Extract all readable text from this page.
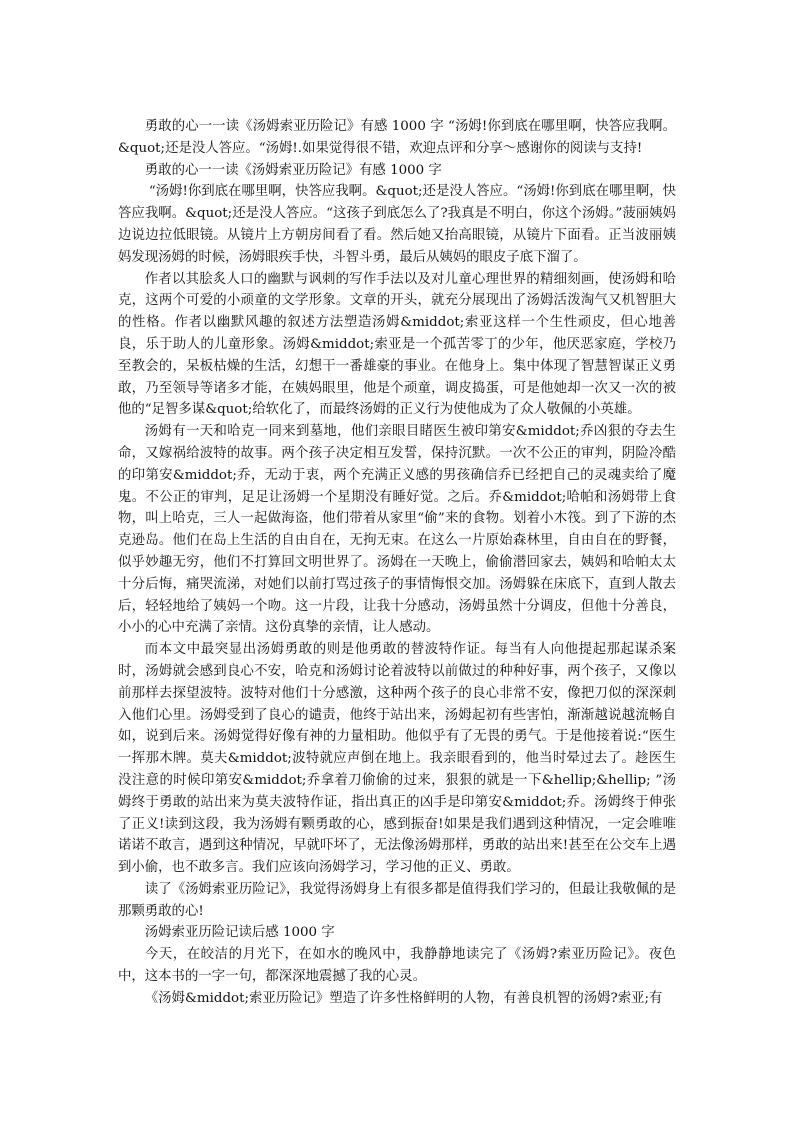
勇敢的心一一读《汤姆索亚历险记》有感 1000 字 “汤姆!你到底在哪里啊，快答应我啊。&quot;还是没人答应。“汤姆!.如果觉得很不错，欢迎点评和分享～感谢你的阅读与支持!

勇敢的心一一读《汤姆索亚历险记》有感 1000 字

“汤姆!你到底在哪里啊，快答应我啊。&quot;还是没人答应。“汤姆!你到底在哪里啊，快答应我啊。&quot;还是没人答应。“这孩子到底怎么了?我真是不明白，你这个汤姆。”菠丽姨妈边说边拉低眼镜。从镜片上方朝房间看了看。然后她又抬高眼镜，从镜片下面看。正当波丽姨妈发现汤姆的时候，汤姆眼疾手快，斗智斗勇，最后从姨妈的眼皮子底下溜了。

作者以其脍炙人口的幽默与讽刺的写作手法以及对儿童心理世界的精细刻画，使汤姆和哈克，这两个可爱的小顽童的文学形象。文章的开头，就充分展现出了汤姆活泼淘气又机智胆大的性格。作者以幽默风趣的叙述方法塑造汤姆&middot;索亚这样一个生性顽皮，但心地善良，乐于助人的儿童形象。汤姆&middot;索亚是一个孤苦零丁的少年，他厌恶家庭，学校乃至教会的，呆板枯燥的生活，幻想干一番雄豪的事业。在他身上。集中体现了智慧智谋正义勇敢，乃至领导等诸多才能，在姨妈眼里，他是个顽童，调皮捣蛋，可是他她却一次又一次的被他的“足智多谋&quot;给软化了，而最终汤姆的正义行为使他成为了众人敬佩的小英雄。

汤姆有一天和哈克一同来到墓地，他们亲眼目睹医生被印第安&middot;乔凶狠的夺去生命，又嫁祸给波特的故事。两个孩子决定相互发誓，保持沉默。一次不公正的审判，阴险冷酷的印第安&middot;乔，无动于衷，两个充满正义感的男孩确信乔已经把自己的灵魂卖给了魔鬼。不公正的审判，足足让汤姆一个星期没有睡好觉。之后。乔&middot;哈帕和汤姆带上食物，叫上哈克，三人一起做海盗，他们带着从家里“偷”来的食物。划着小木筏。到了下游的杰克逊岛。他们在岛上生活的自由自在，无拘无束。在这么一片原始森林里，自由自在的野餐，似乎妙趣无穷，他们不打算回文明世界了。汤姆在一天晚上，偷偷潜回家去，姨妈和哈帕太太十分后悔，痛哭流涕，对她们以前打骂过孩子的事情悔恨交加。汤姆躲在床底下，直到人散去后，轻轻地给了姨妈一个吻。这一片段，让我十分感动，汤姆虽然十分调皮，但他十分善良，小小的心中充满了亲情。这份真挚的亲情，让人感动。

而本文中最突显出汤姆勇敢的则是他勇敢的替波特作证。每当有人向他提起那起谋杀案时，汤姆就会感到良心不安，哈克和汤姆讨论着波特以前做过的种种好事，两个孩子，又像以前那样去探望波特。波特对他们十分感激，这种两个孩子的良心非常不安，像把刀似的深深刺入他们心里。汤姆受到了良心的谴责，他终于站出来，汤姆起初有些害怕，渐渐越说越流畅自如，说到后来。汤姆觉得好像有神的力量相助。他似乎有了无畏的勇气。于是他接着说:“医生一挥那木牌。莫夫&middot;波特就应声倒在地上。我亲眼看到的，他当时晕过去了。趁医生没注意的时候印第安&middot;乔拿着刀偷偷的过来，狠狠的就是一下&hellip;&hellip; ”汤姆终于勇敢的站出来为莫夫波特作证，指出真正的凶手是印第安&middot;乔。汤姆终于伸张了正义!读到这段，我为汤姆有颗勇敢的心，感到振奋!如果是我们遇到这种情况，一定会唯唯诺诺不敢言，遇到这种情况，早就吓坏了，无法像汤姆那样，勇敢的站出来!甚至在公交车上遇到小偷，也不敢多言。我们应该向汤姆学习，学习他的正义、勇敢。

读了《汤姆索亚历险记》，我觉得汤姆身上有很多都是值得我们学习的，但最让我敬佩的是那颗勇敢的心!

汤姆索亚历险记读后感 1000 字

今天，在皎洁的月光下，在如水的晚风中，我静静地读完了《汤姆?索亚历险记》。夜色中，这本书的一字一句，都深深地震撼了我的心灵。

《汤姆&middot;索亚历险记》塑造了许多性格鲜明的人物，有善良机智的汤姆?索亚;有
